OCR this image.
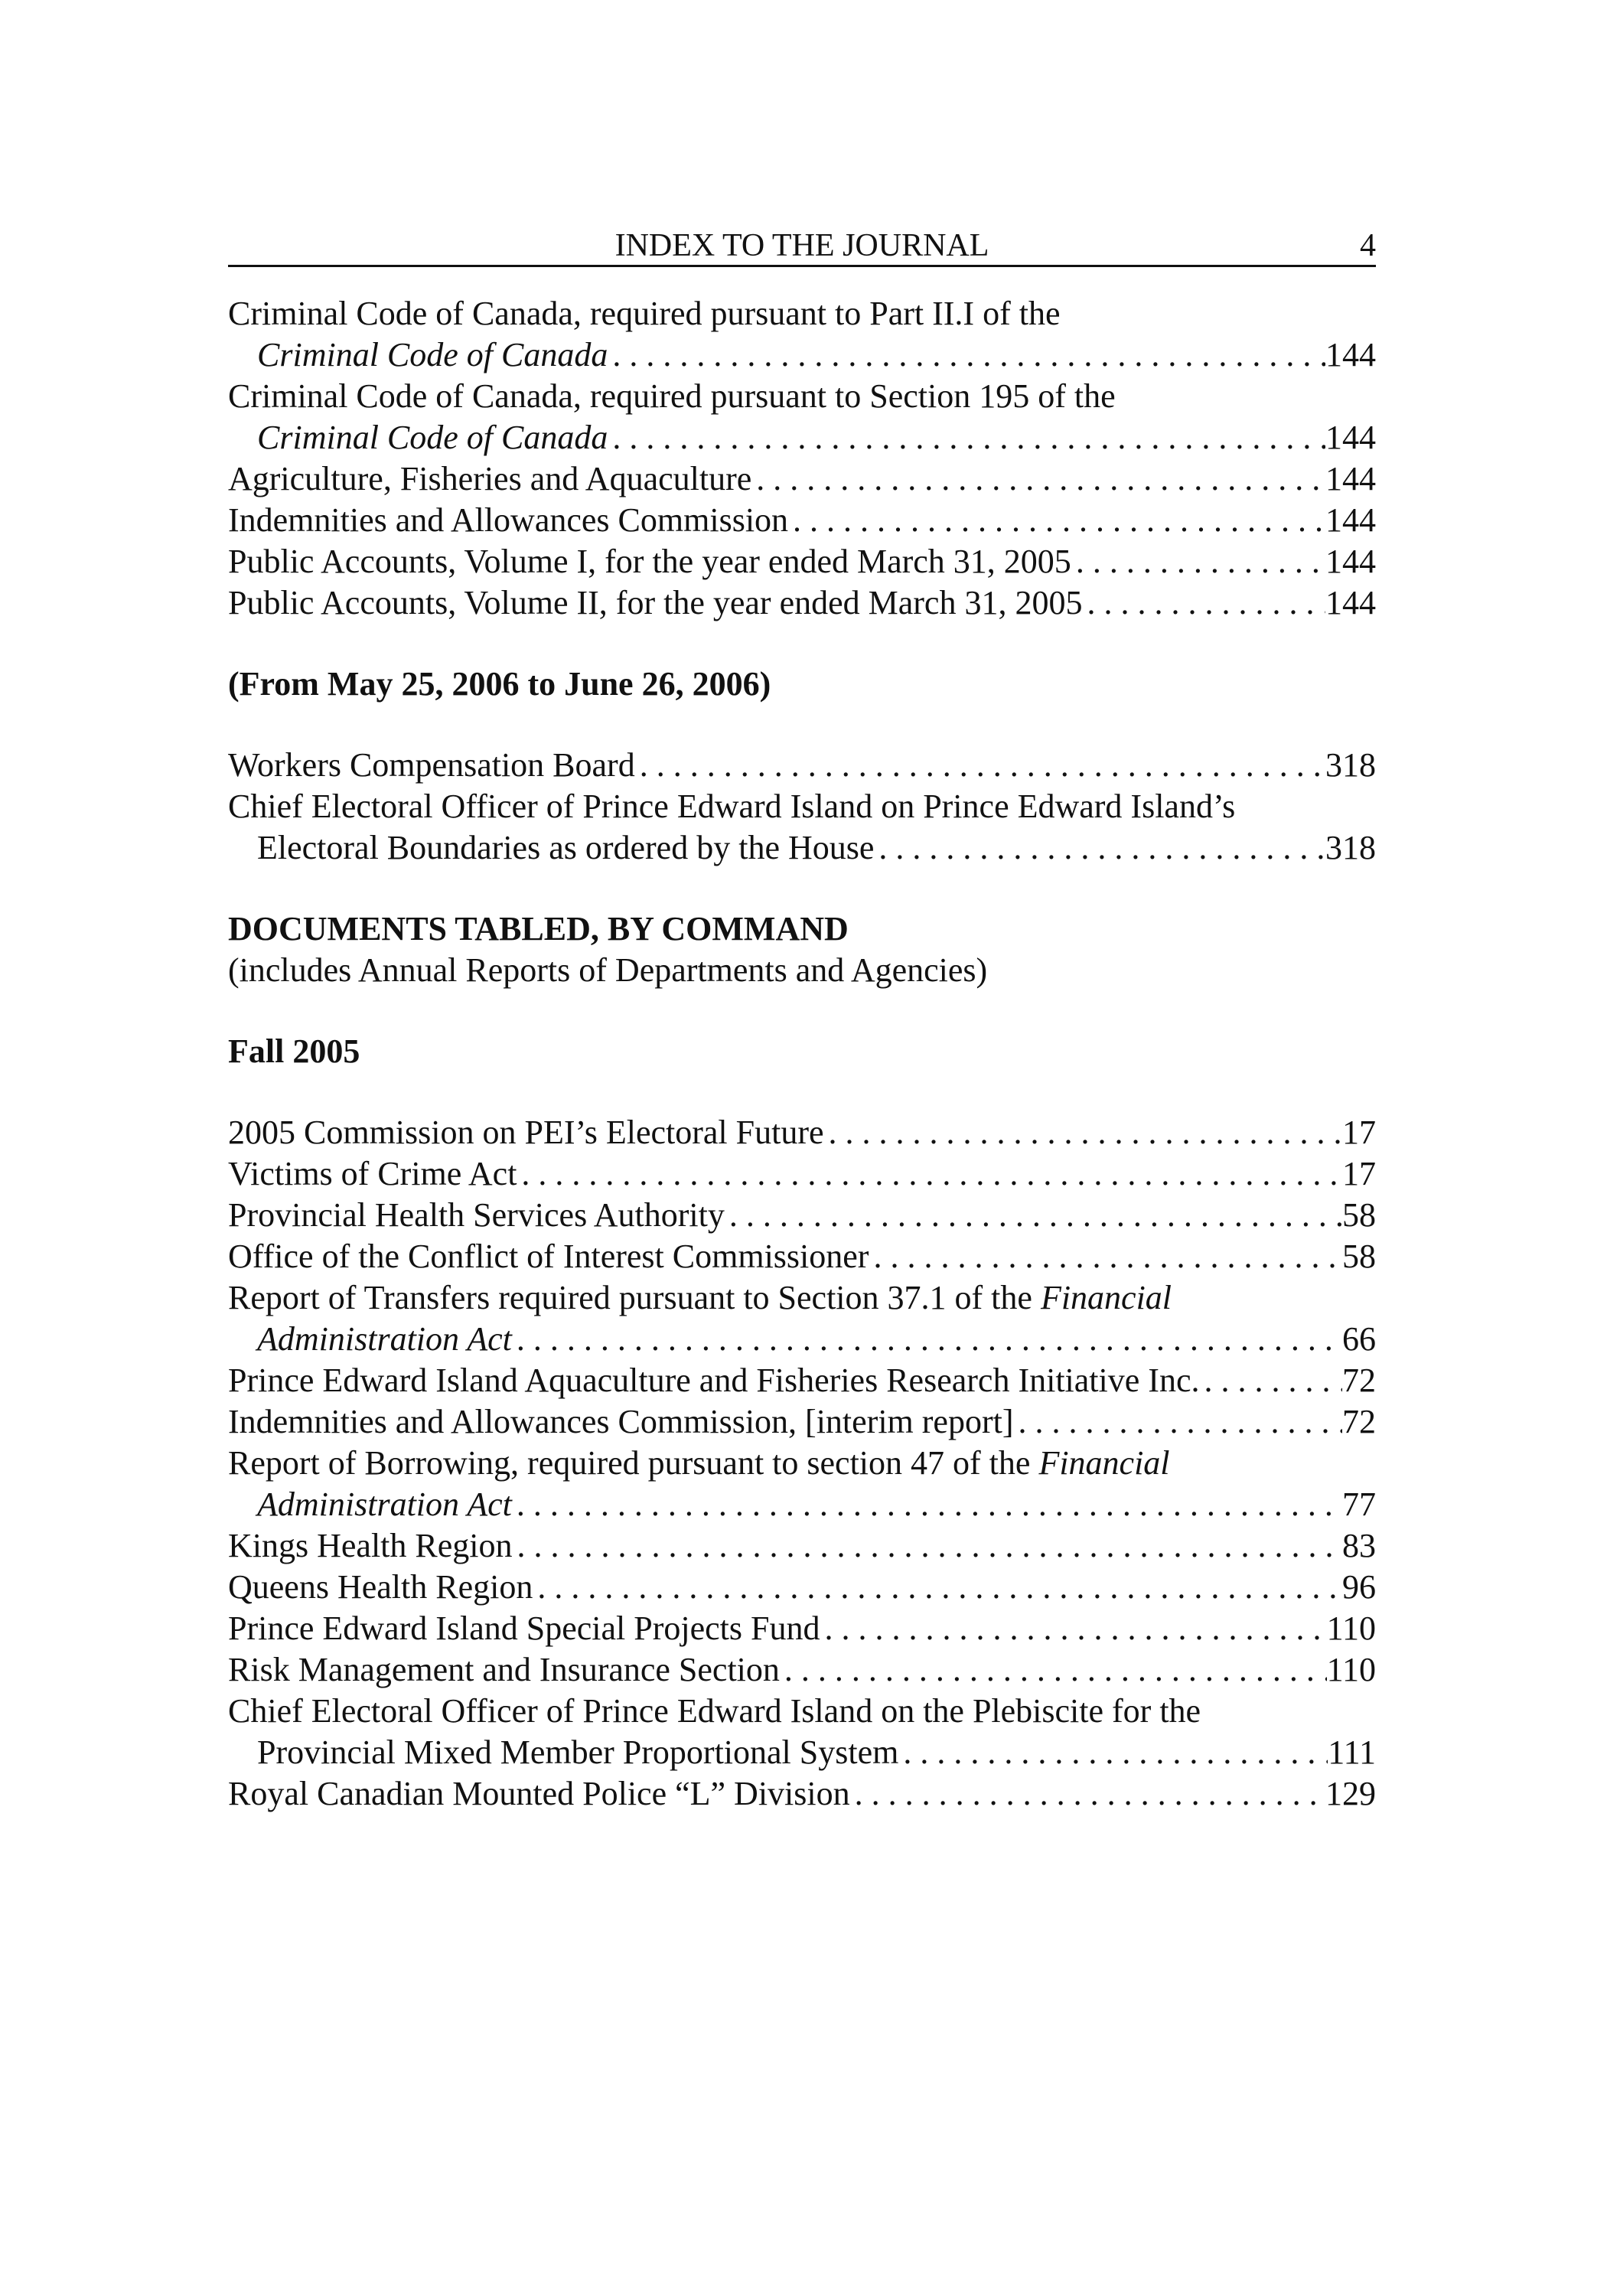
INDEX TO THE JOURNAL	4
Criminal Code of Canada, required pursuant to Part II.I of the
Criminal Code of Canada . . .	144
Criminal Code of Canada, required pursuant to Section 195 of the
Criminal Code of Canada . . .	144
Agriculture, Fisheries and Aquaculture . . .	144
Indemnities and Allowances Commission . . .	144
Public Accounts, Volume I, for the year ended March 31, 2005 . . .	144
Public Accounts, Volume II, for the year ended March 31, 2005 . . .	144
(From May 25, 2006 to June 26, 2006)
Workers Compensation Board . . .	318
Chief Electoral Officer of Prince Edward Island on Prince Edward Island’s
Electoral Boundaries as ordered by the House . . .	318
DOCUMENTS TABLED, BY COMMAND
(includes Annual Reports of Departments and Agencies)
Fall 2005
2005 Commission on PEI’s Electoral Future . . .	17
Victims of Crime Act . . .	17
Provincial Health Services Authority . . .	58
Office of the Conflict of Interest Commissioner . . .	58
Report of Transfers required pursuant to Section 37.1 of the Financial
Administration Act . . .	66
Prince Edward Island Aquaculture and Fisheries Research Initiative Inc. . . .	72
Indemnities and Allowances Commission, [interim report] . . .	72
Report of Borrowing, required pursuant to section 47 of the Financial
Administration Act . . .	77
Kings Health Region . . .	83
Queens Health Region . . .	96
Prince Edward Island Special Projects Fund . . .	110
Risk Management and Insurance Section . . .	110
Chief Electoral Officer of Prince Edward Island on the Plebiscite for the
Provincial Mixed Member Proportional System . . .	111
Royal Canadian Mounted Police “L” Division . . .	129
